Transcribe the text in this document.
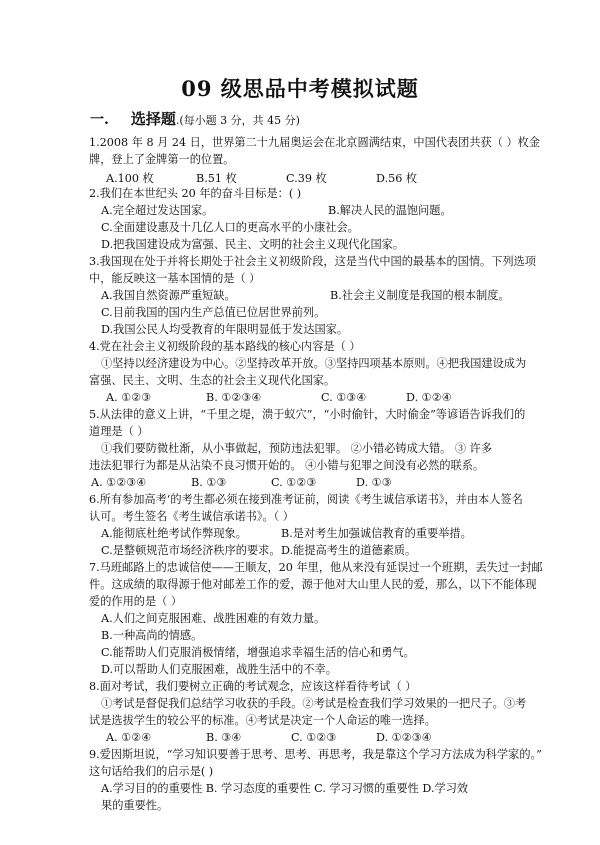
09 级思品中考模拟试题
一. 选择题.(每小题 3 分，共 45 分)
1.2008 年 8 月 24 日，世界第二十九届奥运会在北京圆满结束，中国代表团共获（ ）枚金
牌，登上了金牌第一的位置。
A.100 枚	B.51 枚	C.39 枚	D.56 枚
2.我们在本世纪头 20 年的奋斗目标是：( )
A.完全超过发达国家。	B.解决人民的温饱问题。
C.全面建设惠及十几亿人口的更高水平的小康社会。
D.把我国建设成为富强、民主、文明的社会主义现代化国家。
3.我国现在处于并将长期处于社会主义初级阶段，这是当代中国的最基本的国情。下列选项
中，能反映这一基本国情的是（ ）
A.我国自然资源严重短缺。	B.社会主义制度是我国的根本制度。
C.目前我国的国内生产总值已位居世界前列。
D.我国公民人均受教育的年限明显低于发达国家。
4.党在社会主义初级阶段的基本路线的核心内容是（ ）
①坚持以经济建设为中心。②坚持改革开放。③坚持四项基本原则。④把我国建设成为
富强、民主、文明、生态的社会主义现代化国家。
A. ①②③	B. ①②③④	C. ①③④	D. ①②④
5.从法律的意义上讲，“千里之堤，溃于蚁穴”，“小时偷针，大时偷金”等谚语告诉我们的
道理是（ ）
①我们要防微杜渐，从小事做起，预防违法犯罪。 ②小错必铸成大错。 ③ 许多
违法犯罪行为都是从沾染不良习惯开始的。 ④小错与犯罪之间没有必然的联系。
A. ①②③④	B. ①③	C. ①②③	D. ①③
6.所有参加高考‘的考生都必须在接到准考证前，阅读《考生诚信承诺书》，并由本人签名
认可。考生签名《考生诚信承诺书》。（ ）
A.能彻底杜绝考试作弊现象。	B.是对考生加强诚信教育的重要举措。
C.是整顿规范市场经济秩序的要求。 D.能提高考生的道德素质。
7.马班邮路上的忠诚信使——王顺友，20 年里，他从来没有延误过一个班期，丢失过一封邮
件。这成绩的取得源于他对邮差工作的爱，源于他对大山里人民的爱，那么，以下不能体现
爱的作用的是（ ）
A.人们之间克服困难、战胜困难的有效力量。
B.一种高尚的情感。
C.能帮助人们克服消极情绪，增强追求幸福生活的信心和勇气。
D.可以帮助人们克服困难，战胜生活中的不幸。
8.面对考试，我们要树立正确的考试观念，应该这样看待考试（ ）
①考试是督促我们总结学习收获的手段。②考试是检查我们学习效果的一把尺子。③考
试是选拔学生的较公平的标准。④考试是决定一个人命运的唯一选择。
A. ①②④	B. ③④	C. ①②③	D. ①②③④
9.爱因斯坦说，“学习知识要善于思考、思考、再思考，我是靠这个学习方法成为科学家的。”
这句话给我们的启示是( )
A.学习目的的重要性 B. 学习态度的重要性 C. 学习习惯的重要性 D.学习效
果的重要性。
